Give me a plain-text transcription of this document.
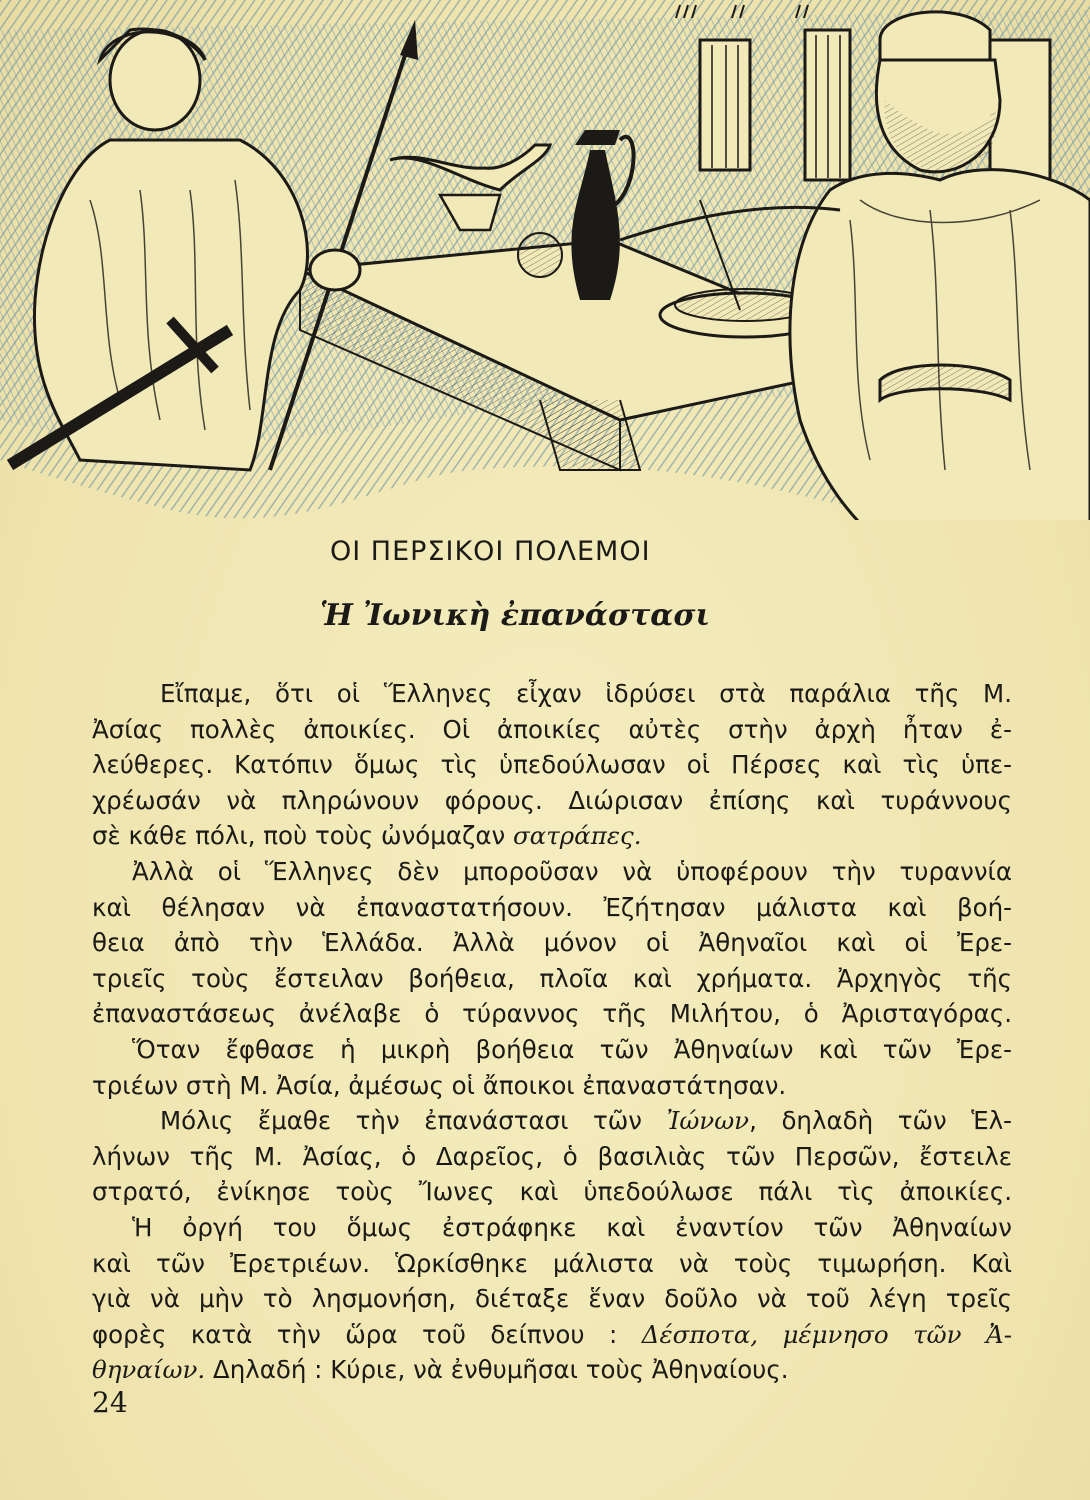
ΟΙ ΠΕΡΣΙΚΟΙ ΠΟΛΕΜΟΙ
Ἡ Ἰωνικὴ ἐπανάστασι

Εἴπαμε, ὅτι οἱ Ἕλληνες εἶχαν ἱδρύσει στὰ παράλια τῆς Μ.
Ἀσίας πολλὲς ἀποικίες. Οἱ ἀποικίες αὐτὲς στὴν ἀρχὴ ἦταν ἐ-
λεύθερες. Κατόπιν ὅμως τὶς ὑπεδούλωσαν οἱ Πέρσες καὶ τὶς ὑπε-
χρέωσάν νὰ πληρώνουν φόρους. Διώρισαν ἐπίσης καὶ τυράννους
σὲ κάθε πόλι, ποὺ τοὺς ὠνόμαζαν σατράπες.

Ἀλλὰ οἱ Ἕλληνες δὲν μποροῦσαν νὰ ὑποφέρουν τὴν τυραννία
καὶ θέλησαν νὰ ἐπαναστατήσουν. Ἐζήτησαν μάλιστα καὶ βοή-
θεια ἀπὸ τὴν Ἑλλάδα. Ἀλλὰ μόνον οἱ Ἀθηναῖοι καὶ οἱ Ἐρε-
τριεῖς τοὺς ἔστειλαν βοήθεια, πλοῖα καὶ χρήματα. Ἀρχηγὸς τῆς
ἐπαναστάσεως ἀνέλαβε ὁ τύραννος τῆς Μιλήτου, ὁ Ἀρισταγόρας.

Ὅταν ἔφθασε ἡ μικρὴ βοήθεια τῶν Ἀθηναίων καὶ τῶν Ἐρε-
τριέων στὴ Μ. Ἀσία, ἀμέσως οἱ ἄποικοι ἐπαναστάτησαν.

Μόλις ἔμαθε τὴν ἐπανάστασι τῶν Ἰώνων, δηλαδὴ τῶν Ἑλ-
λήνων τῆς Μ. Ἀσίας, ὁ Δαρεῖος, ὁ βασιλιὰς τῶν Περσῶν, ἔστειλε
στρατό, ἐνίκησε τοὺς Ἴωνες καὶ ὑπεδούλωσε πάλι τὶς ἀποικίες.

Ἡ ὀργή του ὅμως ἐστράφηκε καὶ ἐναντίον τῶν Ἀθηναίων
καὶ τῶν Ἐρετριέων. Ὡρκίσθηκε μάλιστα νὰ τοὺς τιμωρήση. Καὶ
γιὰ νὰ μὴν τὸ λησμονήση, διέταξε ἕναν δοῦλο νὰ τοῦ λέγη τρεῖς
φορὲς κατὰ τὴν ὥρα τοῦ δείπνου : Δέσποτα, μέμνησο τῶν Ἀ-
θηναίων. Δηλαδή : Κύριε, νὰ ἐνθυμῆσαι τοὺς Ἀθηναίους.

24
